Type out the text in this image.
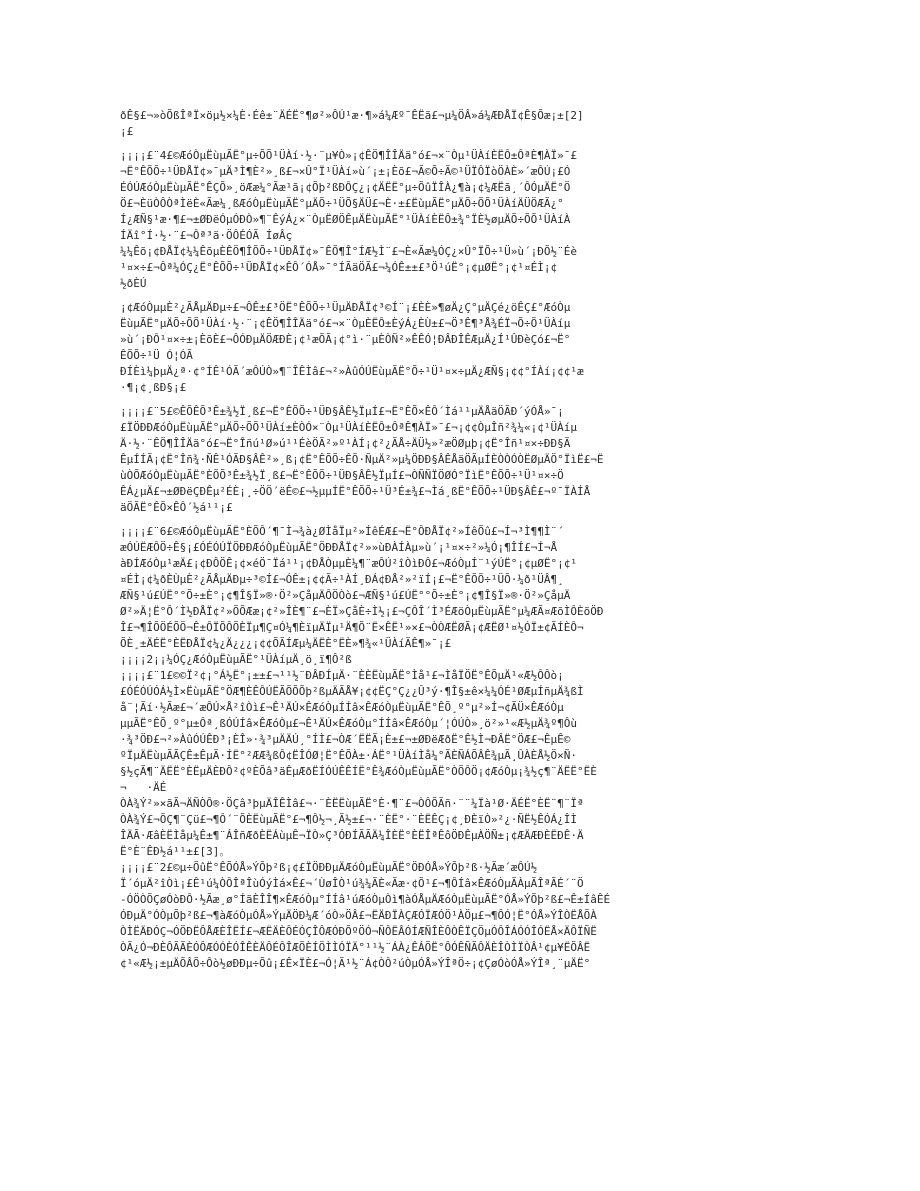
ðÊ§£¬»òÕßÎªÏ×öµ½×¼È·Éê±¨ÄÉË°¶ø²»ÔÚ¹æ·¶»á¼Æº¯ÊËã£¬µ¼ÖÂ»á¼ÆÐÅÏ¢Ê§Õæ¡±[2]
¡£
¡¡¡¡£¨4£©ÆóÒµËùµÃË°µ÷ÕÕ¹ÜÀí·½·¨µ¥Ò»¡¢ÊÖ¶ÎÎÄä°ó£¬×¨Òµ¹ÜÀíÈËÔ±ÔªÈ¶ÀÏ»¯£
¬Ë°ÊÕÕ÷¹ÜÐÅÏ¢»¯µÄ³Ì¶È²»¸ß£¬×Û°Ï¹ÜÀí»ù´¡±¡Èõ£¬Ã©Õ÷Ã©¹ÜÏÔÏòÖÀÈ»´æÔÚ¡£Ó
ÉÓÚÆóÒµËùµÃË°ÊÇÕ»¸öÆæ¼°Ãæ¹ã¡¢Õþ²ßÐÔÇ¿¡¢ÄËË°µ÷ÕûÏÎÀ¿¶à¡¢¼ÆËã¸´ÔÓµÄË°Ö
Ö£¬ÈüÒÔÒªÌëÈ«Ãæ¼¸ßÆóÒµËùµÃË°µÄÕ÷¹ÜÕ§ÄÜ£¬È·±£ËùµÃË°µÄÕ÷ÕÕ¹ÜÀíÄÜÖÆÃ¿°
Í¿ÆÑ§¹æ·¶£¬±ØÐëÓµÓÐÒ»¶¨ÊýÁ¿×¨ÒµËØÖÊµÄËùµÃË°¹ÜÀíÈËÔ±¾°ÏÈ½øµÄÕ÷ÕÕ¹ÜÀíÀ
ÍÄî°Í·½·¨£¬Ôª³ä·ÖÔÉÓÃ ÍøÂç
¼¼Êõ¡¢ÐÅÏ¢¼¼ÊõµÈÊÖ¶ÎÕÕ÷¹ÜÐÅÏ¢»¯ÊÕ¶Î°ÍÆ½Ì¨£¬È«Ãæ¼ÓÇ¿×Û°ÏÕ÷¹Ü»ù´¡ÐÕ½¨Éè
¹¤×÷£¬Ôª¼ÓÇ¿Ë°ÊÕÕ÷¹ÜÐÅÏ¢×ÊÔ´ÓÅ»¯°ÍÃäÖÃ£¬¼ÓÊ±±£³Ö¹úË°¡¢µØË°¡¢¹¤ÉÌ¡¢
½ðÈÚ
¡¢ÆóÒµµÈ²¿ÃÅµÄÐµ÷£¬ÔÊ±£³ÖË°ÊÕÕ÷¹ÜµÄÐÅÏ¢³©Í¨¡£ÈÈ»¶øÄ¿Ç°µÄÇé¿öÊÇ£°ÆóÒµ
ËùµÃË°µÄÕ÷ÕÕ¹ÜÀí·½·¨¡¢ÊÖ¶ÎÎÄä°ó£¬×¨ÒµÈËÔ±ÈýÁ¿ÈÙ±£¬Ö³Ê¶³Å¾ÉÏ¬Õ÷Õ¹ÜÀíµ
»ù´¡ÐÔ¹¤×÷±¡ÈõÈ£¬ÔÓÐµÄÖÆÐÈ¡¢¹æÕÃ¡¢°ì·¨µÈÒÑ²»ÊÊÓ¦ÐÂÐÎÊÆµÄ¿Í¹ÛÐèÇó£¬Ë°
ÊÕÕ÷¹Ü Ó¦ÓÃ
ÐÍÈì¼þµÄ¿ª·¢°ÍÊ¹ÓÃ´æÔÚÒ»¶¨ÎÊÌâ£¬²»ÀûÓÚËùµÃË°Õ÷¹Ü¹¤×÷µÄ¿ÆÑ§¡¢¢°ÍÀí¡¢¢¹æ
·¶¡¢¸ßÐ§¡£
¡¡¡¡£¨5£©ÊÕÊÕ³Ê±¾½Ï¸ß£¬Ë°ÊÕÕ÷¹ÜÐ§ÂÊ½ÏµÍ£¬Ë°ÊÕ×ÊÔ´Ìá¹¹µÄÅäÖÃÐ´ýÓÅ»¯¡
£ÏÖÐÐÆóÒµËùµÃË°µÄÕ÷ÕÕ¹ÜÀí±ÈÒÓ×¨Òµ¹ÜÀíÈËÔ±ÔªÊ¶ÀÏ»¯£¬¡¢¢ÒµÎñ²¾¼«¡¢¹ÜÀíµ
Ä·½·¨ÊÖ¶ÎÎÄä°ó£¬Ë°Îñú¹Ø»ú¹¹ÉèÖÃ²»º¹ÀÍ¡¢²¿ÃÅ÷ÄÜ½»²æÖØµþ¡¢Ë°Îñ¹¤×÷ÐÐ§Ã
ÊµÍÍÃ¡¢Ë°Îñ¾·ÑÊ¹ÓÃÐ§ÂÊ²»¸ß¡¢Ë°ÊÕÕ÷ÊÕ·ÑµÄ²»µ¼ÖÐÐ§ÂÊÅäÖÃµÍÈÒÒÓÒËØµÄÖ°ÏìË£¬Ë
ùÒÕÆóÒµËùµÃË°ÈÕÕ³Ê±¾½Ï¸ß£¬Ë°ÊÕÕ÷¹ÜÐ§ÂÊ½ÏµÍ£¬ÒÑÑÏÖØÓ°ÏìË°ÊÕÕ÷¹Ü¹¤×÷Ö
ÊÁ¿µÄ£¬±ØÐëÇÐÊµ²ÉÈ¡¸÷ÖÖ´ëÊ©£¬½µµÍË°ÊÕÕ÷¹Ü³É±¾£¬Ìá¸ßË°ÊÕÕ÷¹ÜÐ§ÂÊ£¬º¯ÏÀÍÅ
äÖÃË°ÊÕ×ÊÔ´½á¹¹¡£
¡¡¡¡£¨6£©ÆóÒµËùµÃË°ÈÕÔ´¶¯Ì¬¾à¿ØÌåÏµ²»ÍêÉÆ£¬Ë°ÔÐÅÏ¢²»ÍêÕû£¬Í¬³Ì¶¶Ì¨´
æÓÚËÆÔÖ÷Ê§¡£ÓÉÓÚÏÖÐÐÆóÒµËùµÃË°ÖÐÐÅÏ¢²»»ùÐÀÍÀµ»ù´¡¹¤×÷²»¼Ó¡¶ÎÍ£¬Í¬Å
àÐÍÆóÒµ¹æÄ£¡¢ÐÔÖÊ¡¢×éÖ¯Ïá¹¹¡¢ÐÅÒµµÈ¼¶¨æÔÚ²îÒìÐÔ£¬ÆóÒµÍ¨¹ýÚË°¡¢µØË°¡¢¹
¤ÉÌ¡¢¼ðÈÙµÈ²¿ÃÅµÄÐµ÷³©Í£¬ÓÊ±¡¢¢Ã÷¹ÀÍ¸ÐÁ¢ÐÅ²»²ïÍ¡£¬Ë°ÊÕÕ÷¹ÜÕ·¼ð¹ÜÂ¶¸
ÆÑ§¹ú£ÚË°°Õ÷±È°¡¢¶Î§Ï»®·Ö²»ÇåµÄÔÖÒò£¬ÆÑ§¹ú£ÚË°°Õ÷±È°¡¢¶Î§Ï»®·Ö²»ÇåµÄ
Ø²»Ä¦Ë°Ô´Ì½ÐÅÏ¢²»ÕÕÆæ¡¢²»ÎÈ¶¨£¬ÈÏ»ÇåÈ÷Ì½¡£¬ÇÔÎ´Ì³ÉÆöÒµËùµÃË°µ¼ÆÃ¤ÆõÌÔÈõÖÐ
Î£¬¶ÎÕÖÉÕÖ¬Ê±ÔÏÕÔÕÈÏµ¶Ç¤Ó¼¶ÈïµÄÏµ¹Ä¶Õ¨Ë×ÊË¹»×£¬ÒÒÆËØÃ¡¢ÆËØ¹¤½ÓÏ±¢ÃÍÈÔ¬
ÕÈ¸±ÄÉË°ÈËÐÅÏ¢¼¿Ä¿¿¿¡¢¢ÕÃÍÆµ¼ÄËÈ°ËÈ»¶¾«¹ÜÀíÃÊ¶»¯¡£
¡¡¡¡2¡¡¼ÓÇ¿ÆóÒµËùµÃË°¹ÜÀíµÄ¸ö¸ï¶Ô²ß
¡¡¡¡£¨1£©©Ï²¢¡°Á½Ë°¡±±£¬¹¹½¨ÐÂÐÍµÄ·¨ÈÈËùµÃË°Ìå¹£¬ÌåÏÖË°ÊÕµÄ¹«Æ½ÔÔò¡
£ÓÉÓÚÓÁ½Ì×ËùµÃË°ÖÆ¶ÈÊÔÚËÃÕÕÕþ²ßµÄÃÅ¥¡¢¢ËÇ°Ç¿¿Û³ý·¶Î§±ê×¼¼ÓÉ¹ØÆµÍñµÄ¾ßÌ
å¨¦Ãí·½Ãæ£¬´æÔÚ×Å²îÒì£¬Ê¹ÄÚ×ÊÆóÒµÍÍâ×ÊÆóÒµËùµÃË°ÊÕ¸º°µ²»Í¬¢ÃÜ×ÊÆóÒµ
µµÃË°ÊÕ¸º°µ±Ôª¸ßÓÚÍâ×ÊÆóÒµ£¬Ê¹ÄÚ×ÊÆóÒµ°ÍÍâ×ÊÆóÒµ´¦ÓÚÒ»¸ö²»¹«Æ½µÄ¾º¶Ôù
·¾³ÖÐ£¬²»ÀûÓÚÊÐ³¡ÈÎ»·¾³µÄÄÚ¸°ÍÌ£¬ÒÆ´ËËÃ¡È±£¬±ØÐëÆðË°Ê½Ì¬ÐÂË°ÖÆ£¬ÊµÊ©
ºÏµÄËùµÃÃÇÊ±ÊµÃ·ÍË°²ÆÆ¾ßÔ¢ËÎÓØ¦Ë°ÊÕÀ±·ÁË°¹ÜÀíÌå¼°ÃÈÑÁÕÂÊ¾µÃ¸ÛÀÈÅ½Ö×Ñ·
§½çÃ¶¨ÄËË°ÈËµÄÈÐÔ²¢ºÈÕâ³äÊµÆðËÍÓÚÊÊÍË°Ê¾ÆóÒµËùµÃË°ÒÕÔÖ¡¢ÆóÒµ¡¾½ç¶¨ÄËË°ËÈ
¬   ·ÄÉ
ÒÀ¾Ý²»×ãÃ¬ÄÑÒÔ®·ÖÇâ³þµÄÎÊÌâ£¬·¨ÈËËùµÃË°È·¶¨£¬ÒÔÕÃñ·¨¨¼Ïà¹Ø·ÄÉË°ÈË¨¶¨Ïª
ÒÀ¾Ý£¬ÕÇ¶¨Çü£¬¶Ô´¨ÕÈËùµÃË°£¬¶Ô½¬¸Ã½±£¬·¨ÈË°·¨ÈËÊÇ¡¢¸ÐÈïÒ»²¿·ÑË½ÊÓÁ¿ÎÌ
ÎÄÃ·ÆâÈËÌåµ¼Ê±¶¨ÁÎñÆðÈËÁùµÊ¬ÏÒ»Ç³ÓÐÍÃÃÄ¼ÎÈË°ÈËÎªÊôÖÐÊµÀÖÑ±¡¢ÆÄÆÐÈËÐÊ·Ä
Ë°È¨ÊÐ½á¹¹±£[3]。
¡¡¡¡£¨2£©µ÷ÕûË°ÊÕÓÅ»ÝÕþ²ß¡¢£ÏÖÐÐµÄÆóÒµËùµÃË°ÖÐÓÅ»ÝÕþ²ß·½Ãæ´æÔÚ½
Ï´óµÄ²îÒì¡£Ê¹ú¼ÒÔÎªÎùÓýÌá×Ê£¬´ÙøÎÒ¹ú¾¼ÃÈ«Ãæ·¢Õ¹£¬¶ÔÍâ×ÊÆóÒµÃÀµÃÎªÃÉ´¨Ö
-ÓÖÒÕÇøÓòÐÔ·½Ãæ¸ø°ÍãÈÎÎ¶×ÊÆóÒµ°ÍÍâ¹úÆóÒµÒì¶àÓÅµÄÆóÒµËùµÃË°ÓÅ»ÝÕþ²ß£¬Ê±ÍâÊÉ
ÓÐµÄ°ÓÒµÕþ²ß£¬¶àÆóÒµÓÅ»ÝµÄÖÐ¼Æ´óÒ»ÖÂ£¬ËÄÐÏÀÇÆÓÏÆÓÖ¹ÀÖµ£¬¶ÔÓ¦Ë°ÓÅ»ÝÎÒËÅÕÀ
ÒÌËÄÐÓÇ¬ÓÖÐËÔÅÆÈÎËÍ£¬ÆËÄÈÔÉÓÇÎÔÆÓÐÕºÖÓ¬ÑÔËÂÓÍÆÑÎÈÔÒÊÏÇÖµÓÔÎÁÓÓÎÓËÅ×ÄÔÏÑË
ÒÃ¿Ó¬ÐÈÔÃÃÈÓÔÆÓÓÈÓÎÊÈÄÔÉÔÎÆÕÈÍÖÌÌÓÏÄ°¹¹½¨ÁÀ¿ÊÁÕË°ÔÓÊÑÃÔÄÈÎÒÌÏÒÂ¹¢µ¥ËÕÂË
¢¹«Æ½¡±µÄÕÂÕ÷Ôò½øÐÐµ÷Õû¡£Ê×ÏÈ£¬Ó¦Ã¹½¨Á¢ÒÔ²úÒµÓÅ»ÝÎªÖ÷¡¢ÇøÓòÓÅ»ÝÎª¸¨µÄË°
